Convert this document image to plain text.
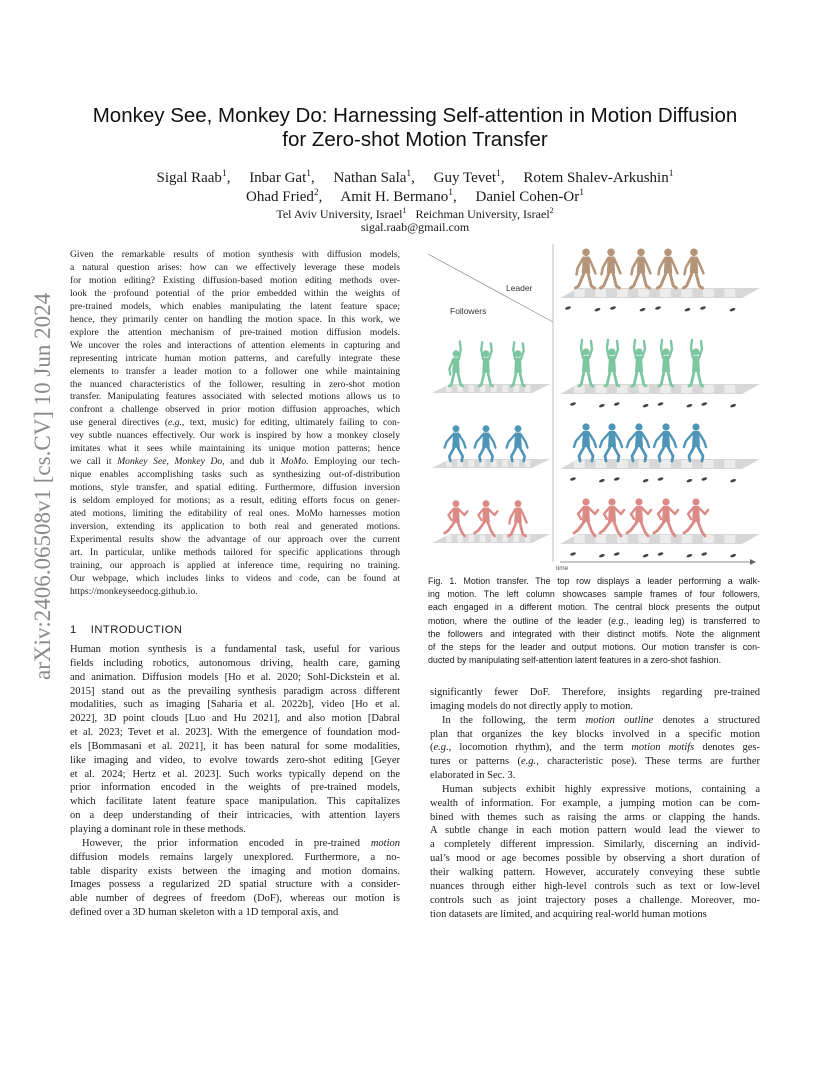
arXiv:2406.06508v1 [cs.CV] 10 Jun 2024
Monkey See, Monkey Do: Harnessing Self-attention in Motion Diffusion
for Zero-shot Motion Transfer
Sigal Raab$^1$,     Inbar Gat$^1$,     Nathan Sala$^1$,     Guy Tevet$^1$,     Rotem Shalev-Arkushin$^1$
Ohad Fried$^2$,     Amit H. Bermano$^1$,     Daniel Cohen-Or$^1$
Tel Aviv University, Israel$^1$ Reichman University, Israel$^2$
sigal.raab@gmail.com
Given the remarkable results of motion synthesis with diffusion models,
a natural question arises: how can we effectively leverage these models
for motion editing? Existing diffusion-based motion editing methods over-
look the profound potential of the prior embedded within the weights of
pre-trained models, which enables manipulating the latent feature space;
hence, they primarily center on handling the motion space. In this work, we
explore the attention mechanism of pre-trained motion diffusion models.
We uncover the roles and interactions of attention elements in capturing and
representing intricate human motion patterns, and carefully integrate these
elements to transfer a leader motion to a follower one while maintaining
the nuanced characteristics of the follower, resulting in zero-shot motion
transfer. Manipulating features associated with selected motions allows us to
confront a challenge observed in prior motion diffusion approaches, which
use general directives (e.g., text, music) for editing, ultimately failing to con-
vey subtle nuances effectively. Our work is inspired by how a monkey closely
imitates what it sees while maintaining its unique motion patterns; hence
we call it Monkey See, Monkey Do, and dub it MoMo. Employing our tech-
nique enables accomplishing tasks such as synthesizing out-of-distribution
motions, style transfer, and spatial editing. Furthermore, diffusion inversion
is seldom employed for motions; as a result, editing efforts focus on gener-
ated motions, limiting the editability of real ones. MoMo harnesses motion
inversion, extending its application to both real and generated motions.
Experimental results show the advantage of our approach over the current
art. In particular, unlike methods tailored for specific applications through
training, our approach is applied at inference time, requiring no training.
Our webpage, which includes links to videos and code, can be found at
https://monkeyseedocg.github.io.
1 INTRODUCTION
Human motion synthesis is a fundamental task, useful for various
fields including robotics, autonomous driving, health care, gaming
and animation. Diffusion models [Ho et al. 2020; Sohl-Dickstein et al.
2015] stand out as the prevailing synthesis paradigm across different
modalities, such as imaging [Saharia et al. 2022b], video [Ho et al.
2022], 3D point clouds [Luo and Hu 2021], and also motion [Dabral
et al. 2023; Tevet et al. 2023]. With the emergence of foundation mod-
els [Bommasani et al. 2021], it has been natural for some modalities,
like imaging and video, to evolve towards zero-shot editing [Geyer
et al. 2024; Hertz et al. 2023]. Such works typically depend on the
prior information encoded in the weights of pre-trained models,
which facilitate latent feature space manipulation. This capitalizes
on a deep understanding of their intricacies, with attention layers
playing a dominant role in these methods.
However, the prior information encoded in pre-trained motion
diffusion models remains largely unexplored. Furthermore, a no-
table disparity exists between the imaging and motion domains.
Images possess a regularized 2D spatial structure with a consider-
able number of degrees of freedom (DoF), whereas our motion is
defined over a 3D human skeleton with a 1D temporal axis, and
Leader
Followers
time
Fig. 1. Motion transfer. The top row displays a leader performing a walk-
ing motion. The left column showcases sample frames of four followers,
each engaged in a different motion. The central block presents the output
motion, where the outline of the leader (e.g., leading leg) is transferred to
the followers and integrated with their distinct motifs. Note the alignment
of the steps for the leader and output motions. Our motion transfer is con-
ducted by manipulating self-attention latent features in a zero-shot fashion.
significantly fewer DoF. Therefore, insights regarding pre-trained
imaging models do not directly apply to motion.
In the following, the term motion outline denotes a structured
plan that organizes the key blocks involved in a specific motion
(e.g., locomotion rhythm), and the term motion motifs denotes ges-
tures or patterns (e.g., characteristic pose). These terms are further
elaborated in Sec. 3.
Human subjects exhibit highly expressive motions, containing a
wealth of information. For example, a jumping motion can be com-
bined with themes such as raising the arms or clapping the hands.
A subtle change in each motion pattern would lead the viewer to
a completely different impression. Similarly, discerning an individ-
ual’s mood or age becomes possible by observing a short duration of
their walking pattern. However, accurately conveying these subtle
nuances through either high-level controls such as text or low-level
controls such as joint trajectory poses a challenge. Moreover, mo-
tion datasets are limited, and acquiring real-world human motions
